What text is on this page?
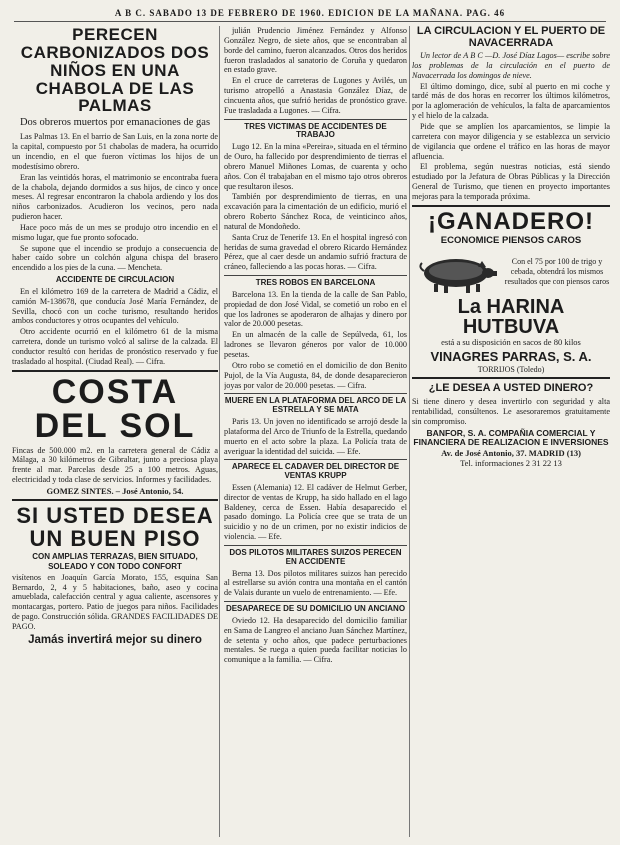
A B C. SABADO 13 DE FEBRERO DE 1960. EDICION DE LA MAÑANA. PAG. 46
PERECEN CARBONIZADOS DOS NIÑOS EN UNA CHABOLA DE LAS PALMAS
Dos obreros muertos por emanaciones de gas
Las Palmas 13. En el barrio de San Luis, en la zona norte de la capital, compuesto por 51 chabolas de madera, ha ocurrido un incendio, en el que fueron víctimas los hijos de un modestísimo obrero.
Eran las veintidós horas, el matrimonio se encontraba fuera de la chabola, dejando dormidos a sus hijos, de cinco y once meses. Al regresar encontraron la chabola ardiendo y los dos niños carbonizados. Acudieron los vecinos, pero nada pudieron hacer.
Hace poco más de un mes se produjo otro incendio en el mismo lugar, que fue pronto sofocado.
Se supone que el incendio se produjo a consecuencia de haber caído sobre un colchón alguna chispa del brasero encendido a los pies de la cuna. — Mencheta.
ACCIDENTE DE CIRCULACION
En el kilómetro 169 de la carretera de Madrid a Cádiz, el camión M-138678, que conducía José María Fernández, de Sevilla, chocó con un coche turismo, resultando heridos ambos conductores y otros ocupantes del vehículo.
Otro accidente ocurrió en el kilómetro 61 de la misma carretera, donde un turismo volcó al salirse de la calzada. El conductor resultó con heridas de pronóstico reservado y fue trasladado al hospital. (Ciudad Real). — Cifra.
COSTA DEL SOL
Fincas de 500.000 m2. en la carretera general de Cádiz a Málaga, a 30 kilómetros de Gibraltar, junto a preciosa playa frente al mar. Parcelas desde 25 a 100 metros. Aguas, electricidad y toda clase de servicios. Informes y facilidades.
GOMEZ SINTES. – José Antonio, 54.
SI USTED DESEA UN BUEN PISO
CON AMPLIAS TERRAZAS, BIEN SITUADO, SOLEADO Y CON TODO CONFORT
visítenos en Joaquín García Morato, 155, esquina San Bernardo, 2, 4 y 5 habitaciones, baño, aseo y cocina amueblada, calefacción central y agua caliente, ascensores y montacargas, portero. Patio de juegos para niños. Facilidades de pago. Construcción sólida. GRANDES FACILIDADES DE PAGO.
Jamás invertirá mejor su dinero
julián Prudencio Jiménez Fernández y Alfonso González Negro, de siete años, que se encontraban al borde del camino, fueron alcanzados. Otros dos heridos fueron trasladados al sanatorio de Coruña y quedaron en estado grave.
En el cruce de carreteras de Lugones y Avilés, un turismo atropelló a Anastasia González Díaz, de cincuenta años, que sufrió heridas de pronóstico grave. Fue trasladada a Lugones. — Cifra.
TRES VICTIMAS DE ACCIDENTES DE TRABAJO
Lugo 12. En la mina «Pereira», situada en el término de Ouro, ha fallecido por desprendimiento de tierras el obrero Manuel Miñones Lomas, de cuarenta y ocho años. Con él trabajaban en el mismo tajo otros obreros que resultaron ilesos.
También por desprendimiento de tierras, en una excavación para la cimentación de un edificio, murió el obrero Roberto Sánchez Roca, de veinticinco años, natural de Mondoñedo.
Santa Cruz de Tenerife 13. En el hospital ingresó con heridas de suma gravedad el obrero Ricardo Hernández Pérez, que al caer desde un andamio sufrió fractura de cráneo, falleciendo a las pocas horas. — Cifra.
TRES ROBOS EN BARCELONA
Barcelona 13. En la tienda de la calle de San Pablo, propiedad de don José Vidal, se cometió un robo en el que los ladrones se apoderaron de alhajas y dinero por valor de 20.000 pesetas.
En un almacén de la calle de Sepúlveda, 61, los ladrones se llevaron géneros por valor de 10.000 pesetas.
Otro robo se cometió en el domicilio de don Benito Pujol, de la Vía Augusta, 84, de donde desaparecieron joyas por valor de 20.000 pesetas. — Cifra.
MUERE EN LA PLATAFORMA DEL ARCO DE LA ESTRELLA Y SE MATA
Paris 13. Un joven no identificado se arrojó desde la plataforma del Arco de Triunfo de la Estrella, quedando muerto en el acto sobre la plaza. La Policía trata de averiguar la identidad del suicida. — Efe.
APARECE EL CADAVER DEL DIRECTOR DE VENTAS KRUPP
Essen (Alemania) 12. El cadáver de Helmut Gerber, director de ventas de Krupp, ha sido hallado en el lago Baldeney, cerca de Essen. Había desaparecido el pasado domingo. La Policía cree que se trata de un suicidio y no de un crimen, por no existir indicios de violencia. — Efe.
DOS PILOTOS MILITARES SUIZOS PERECEN EN ACCIDENTE
Berna 13. Dos pilotos militares suizos han perecido al estrellarse su avión contra una montaña en el cantón de Valais durante un vuelo de entrenamiento. — Efe.
DESAPARECE DE SU DOMICILIO UN ANCIANO
Oviedo 12. Ha desaparecido del domicilio familiar en Sama de Langreo el anciano Juan Sánchez Martínez, de setenta y ocho años, que padece perturbaciones mentales. Se ruega a quien pueda facilitar noticias lo comunique a la familia. — Cifra.
LA CIRCULACION Y EL PUERTO DE NAVACERRADA
Un lector de A B C —D. José Díaz Lagos— escribe sobre los problemas de la circulación en el puerto de Navacerrada los domingos de nieve.
El último domingo, dice, subí al puerto en mi coche y tardé más de dos horas en recorrer los últimos kilómetros, por la aglomeración de vehículos, la falta de aparcamientos y el hielo de la calzada.
Pide que se amplíen los aparcamientos, se limpie la carretera con mayor diligencia y se establezca un servicio de vigilancia que ordene el tráfico en las horas de mayor afluencia.
El problema, según nuestras noticias, está siendo estudiado por la Jefatura de Obras Públicas y la Dirección General de Turismo, que tienen en proyecto importantes mejoras para la temporada próxima.
¡GANADERO!
ECONOMICE PIENSOS CAROS
Con el 75 por 100 de trigo y cebada, obtendrá los mismos resultados que con piensos caros
La HARINA HUTBUVA
está a su disposición en sacos de 80 kilos
VINAGRES PARRAS, S. A.
TORRIJOS (Toledo)
¿LE DESEA A USTED DINERO?
Si tiene dinero y desea invertirlo con seguridad y alta rentabilidad, consúltenos. Le asesoraremos gratuitamente sin compromiso.
BANFOR, S. A. COMPAÑIA COMERCIAL Y FINANCIERA DE REALIZACION E INVERSIONES
Av. de José Antonio, 37. MADRID (13)
Tel. informaciones 2 31 22 13
